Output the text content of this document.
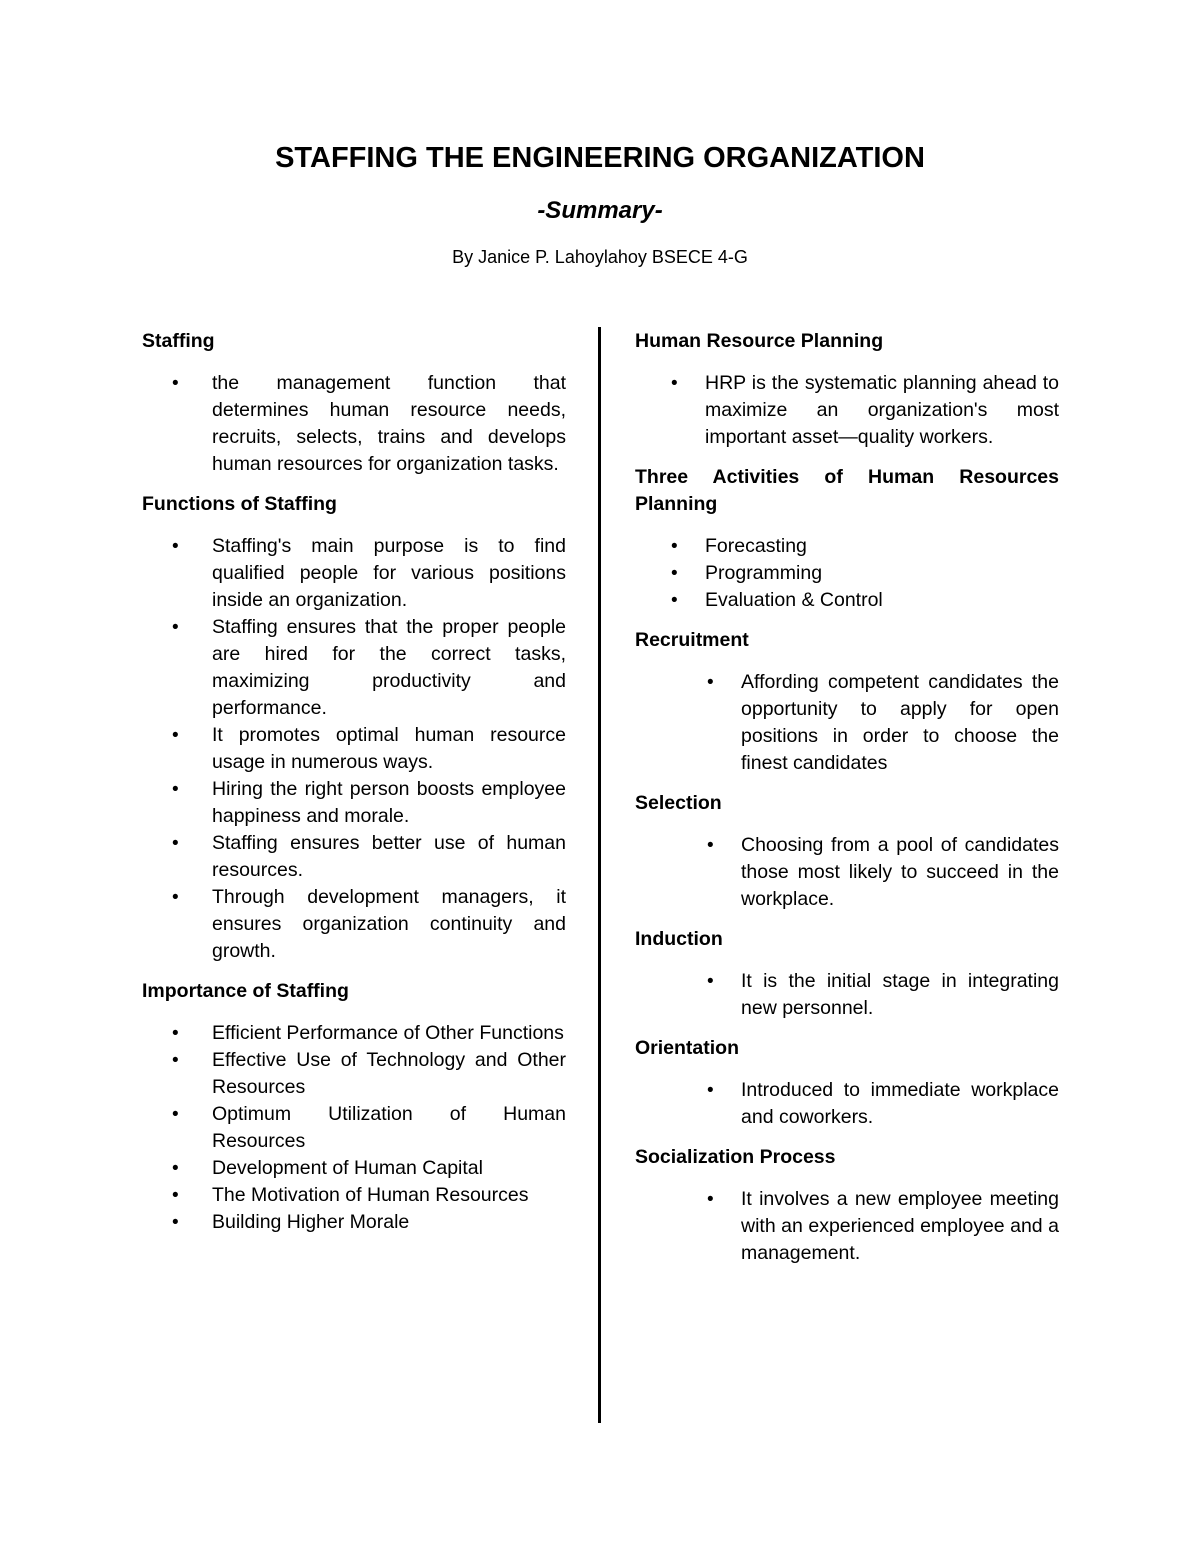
STAFFING THE ENGINEERING ORGANIZATION
-Summary-
By Janice P. Lahoylahoy BSECE 4-G
Staffing
• the management function that determines human resource needs, recruits, selects, trains and develops human resources for organization tasks.
Functions of Staffing
• Staffing's main purpose is to find qualified people for various positions inside an organization.
• Staffing ensures that the proper people are hired for the correct tasks, maximizing productivity and performance.
• It promotes optimal human resource usage in numerous ways.
• Hiring the right person boosts employee happiness and morale.
• Staffing ensures better use of human resources.
• Through development managers, it ensures organization continuity and growth.
Importance of Staffing
• Efficient Performance of Other Functions
• Effective Use of Technology and Other Resources
• Optimum Utilization of Human Resources
• Development of Human Capital
• The Motivation of Human Resources
• Building Higher Morale
Human Resource Planning
• HRP is the systematic planning ahead to maximize an organization's most important asset—quality workers.
Three Activities of Human Resources Planning
• Forecasting
• Programming
• Evaluation & Control
Recruitment
• Affording competent candidates the opportunity to apply for open positions in order to choose the finest candidates
Selection
• Choosing from a pool of candidates those most likely to succeed in the workplace.
Induction
• It is the initial stage in integrating new personnel.
Orientation
• Introduced to immediate workplace and coworkers.
Socialization Process
• It involves a new employee meeting with an experienced employee and a management.
